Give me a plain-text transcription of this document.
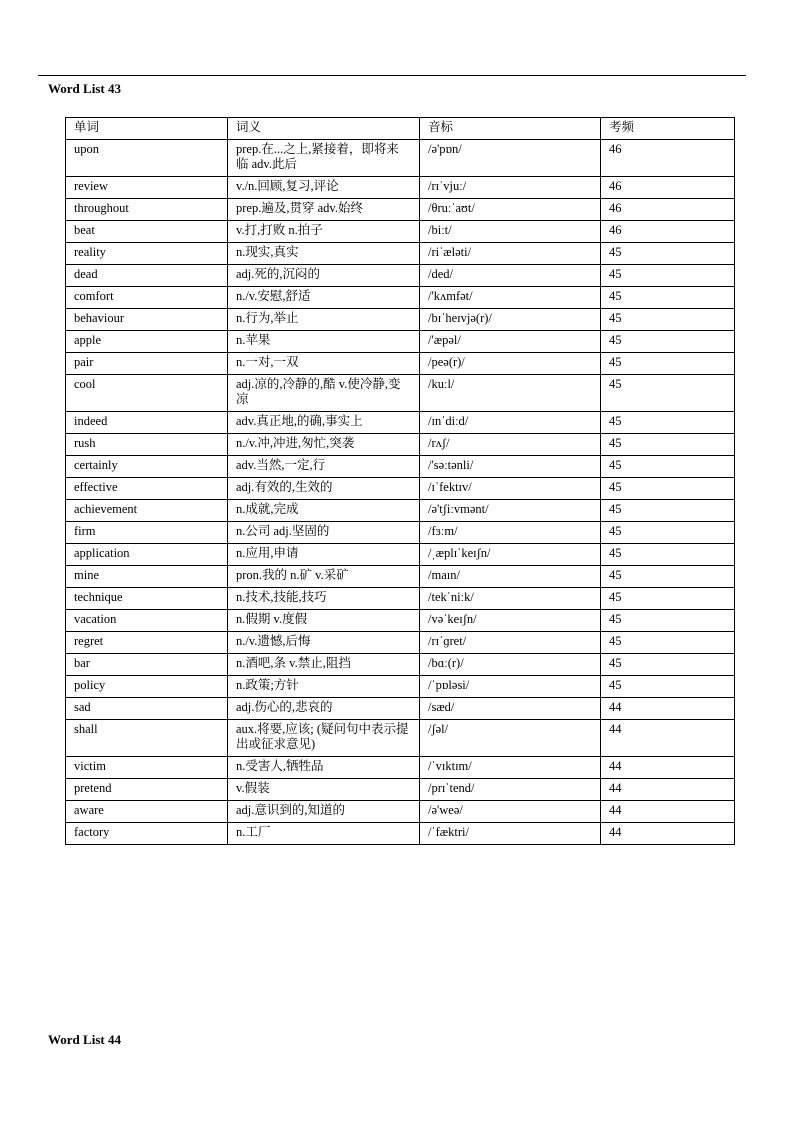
Word List 43
单词	词义	音标	考频
upon	prep.在...之上,紧接着，即将来临 adv.此后	/ə'pɒn/	46
review	v./n.回顾,复习,评论	/rɪˈvjuː/	46
throughout	prep.遍及,贯穿 adv.始终	/θruːˈaʊt/	46
beat	v.打,打败 n.拍子	/biːt/	46
reality	n.现实,真实	/riˈæləti/	45
dead	adj.死的,沉闷的	/ded/	45
comfort	n./v.安慰,舒适	/'kʌmfət/	45
behaviour	n.行为,举止	/bɪˈheɪvjə(r)/	45
apple	n.苹果	/'æpəl/	45
pair	n.一对,一双	/peə(r)/	45
cool	adj.凉的,冷静的,酷 v.使冷静,变凉	/kuːl/	45
indeed	adv.真正地,的确,事实上	/ɪnˈdiːd/	45
rush	n./v.冲,冲进,匆忙,突袭	/rʌʃ/	45
certainly	adv.当然,一定,行	/'səːtənli/	45
effective	adj.有效的,生效的	/ɪˈfektɪv/	45
achievement	n.成就,完成	/ə'tʃiːvmənt/	45
firm	n.公司 adj.坚固的	/fɜːm/	45
application	n.应用,申请	/ˌæplɪˈkeɪʃn/	45
mine	pron.我的 n.矿 v.采矿	/maɪn/	45
technique	n.技术,技能,技巧	/tekˈniːk/	45
vacation	n.假期 v.度假	/vəˈkeɪʃn/	45
regret	n./v.遗憾,后悔	/rɪˈɡret/	45
bar	n.酒吧,条 v.禁止,阻挡	/bɑː(r)/	45
policy	n.政策;方针	/ˈpɒləsi/	45
sad	adj.伤心的,悲哀的	/sæd/	44
shall	aux.将要,应该; (疑问句中表示提出或征求意见)	/ʃəl/	44
victim	n.受害人,牺牲品	/ˈvɪktɪm/	44
pretend	v.假装	/prɪˈtend/	44
aware	adj.意识到的,知道的	/ə'weə/	44
factory	n.工厂	/ˈfæktri/	44
Word List 44
